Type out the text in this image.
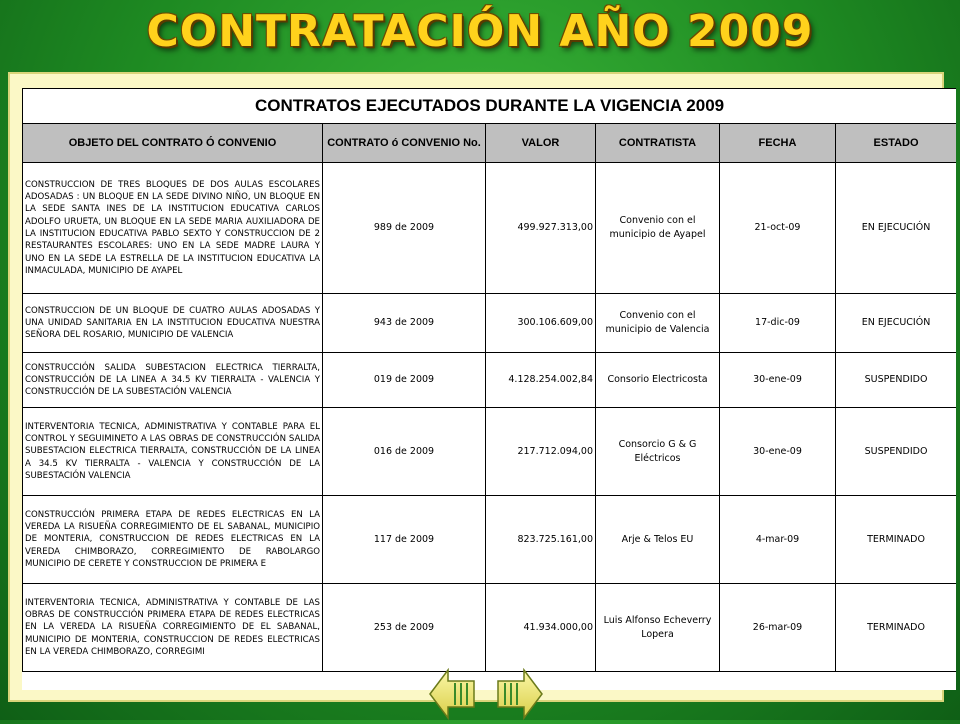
CONTRATACIÓN AÑO 2009
CONTRATOS EJECUTADOS DURANTE LA VIGENCIA 2009					
OBJETO DEL CONTRATO Ó CONVENIO	CONTRATO ó CONVENIO No.	VALOR	CONTRATISTA	FECHA	ESTADO
CONSTRUCCION DE TRES BLOQUES DE DOS AULAS ESCOLARES ADOSADAS : UN BLOQUE EN LA SEDE DIVINO NIÑO, UN BLOQUE EN LA SEDE SANTA INES DE LA INSTITUCION EDUCATIVA CARLOS ADOLFO URUETA, UN BLOQUE EN LA SEDE MARIA AUXILIADORA DE LA INSTITUCION EDUCATIVA PABLO SEXTO Y CONSTRUCCION DE 2 RESTAURANTES ESCOLARES: UNO EN LA SEDE MADRE LAURA Y UNO EN LA SEDE LA ESTRELLA DE LA INSTITUCION EDUCATIVA LA INMACULADA, MUNICIPIO DE AYAPEL	989 de 2009	499.927.313,00	Convenio con el municipio de Ayapel	21-oct-09	EN EJECUCIÓN
CONSTRUCCION DE UN BLOQUE DE CUATRO AULAS ADOSADAS Y UNA UNIDAD SANITARIA EN LA INSTITUCION EDUCATIVA NUESTRA SEÑORA DEL ROSARIO, MUNICIPIO DE VALENCIA	943 de 2009	300.106.609,00	Convenio con el municipio de Valencia	17-dic-09	EN EJECUCIÓN
CONSTRUCCIÓN SALIDA SUBESTACION ELECTRICA TIERRALTA, CONSTRUCCIÓN DE LA LINEA A 34.5 KV TIERRALTA - VALENCIA Y CONSTRUCCIÓN DE LA SUBESTACIÓN VALENCIA	019 de 2009	4.128.254.002,84	Consorio Electricosta	30-ene-09	SUSPENDIDO
INTERVENTORIA TECNICA, ADMINISTRATIVA Y CONTABLE PARA EL CONTROL Y SEGUIMINETO A LAS OBRAS DE CONSTRUCCIÓN SALIDA SUBESTACION ELECTRICA TIERRALTA, CONSTRUCCIÓN DE LA LINEA A 34.5 KV TIERRALTA - VALENCIA Y CONSTRUCCIÓN DE LA SUBESTACIÓN VALENCIA	016 de 2009	217.712.094,00	Consorcio G & G Eléctricos	30-ene-09	SUSPENDIDO
CONSTRUCCIÓN PRIMERA ETAPA DE REDES ELECTRICAS EN LA VEREDA LA RISUEÑA CORREGIMIENTO DE EL SABANAL, MUNICIPIO DE MONTERIA, CONSTRUCCION DE REDES ELECTRICAS EN LA VEREDA CHIMBORAZO, CORREGIMIENTO DE RABOLARGO MUNICIPIO DE CERETE Y CONSTRUCCION DE PRIMERA E	117 de 2009	823.725.161,00	Arje & Telos EU	4-mar-09	TERMINADO
INTERVENTORIA TECNICA, ADMINISTRATIVA Y CONTABLE DE LAS OBRAS DE CONSTRUCCIÓN PRIMERA ETAPA DE REDES ELECTRICAS EN LA VEREDA LA RISUEÑA CORREGIMIENTO DE EL SABANAL, MUNICIPIO DE MONTERIA, CONSTRUCCION DE REDES ELECTRICAS EN LA VEREDA CHIMBORAZO, CORREGIMI	253 de 2009	41.934.000,00	Luis Alfonso Echeverry Lopera	26-mar-09	TERMINADO
